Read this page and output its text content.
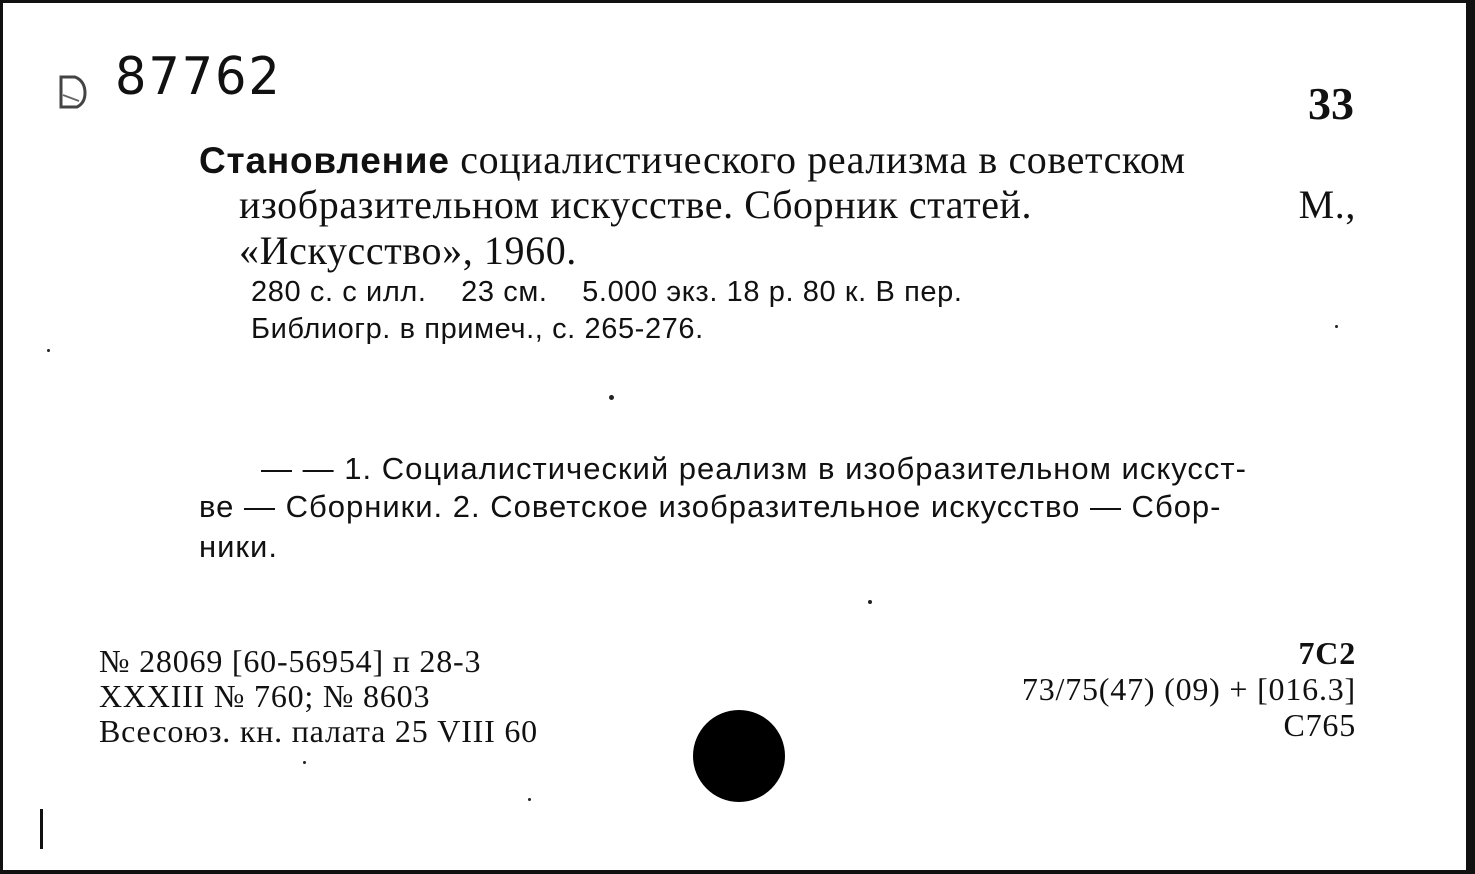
87762	33
Становление социалистического реализма в советском
изобразительном искусстве. Сборник статей.	М.,
«Искусство», 1960.
280 с. с илл.    23 см.    5.000 экз. 18 р. 80 к. В пер.
Библиогр. в примеч., с. 265-276.
— — 1. Социалистический реализм в изобразительном искусст-
ве — Сборники. 2. Советское изобразительное искусство — Сбор-
ники.
№ 28069 [60-56954] п 28-3
XXXIII № 760; № 8603
Всесоюз. кн. палата 25 VIII 60
7С2
73/75(47) (09) + [016.3]
С765
